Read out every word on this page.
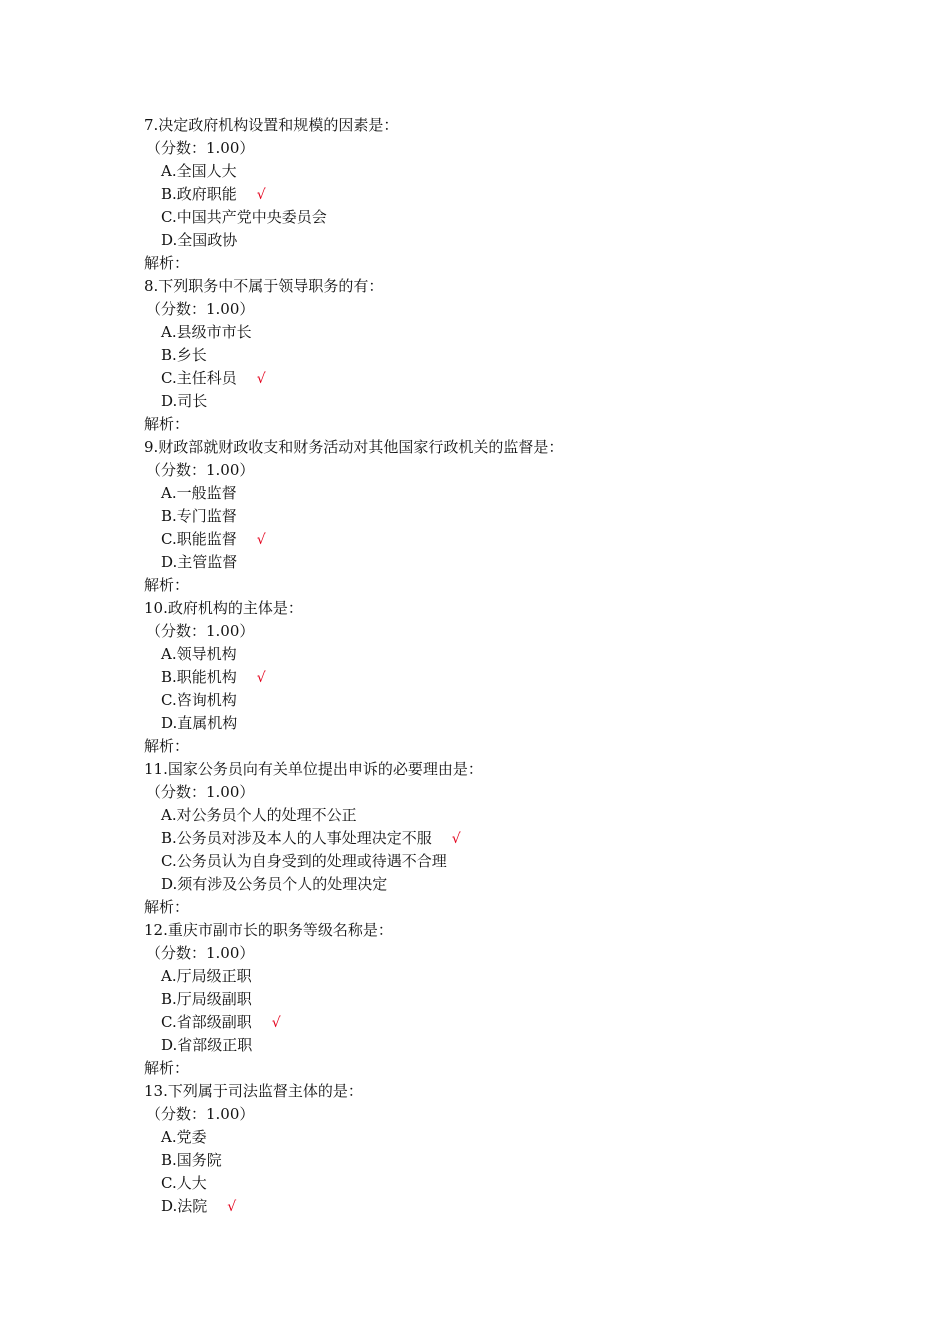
7.决定政府机构设置和规模的因素是：
（分数：1.00）
A.全国人大
B.政府职能 √
C.中国共产党中央委员会
D.全国政协
解析：
8.下列职务中不属于领导职务的有：
（分数：1.00）
A.县级市市长
B.乡长
C.主任科员 √
D.司长
解析：
9.财政部就财政收支和财务活动对其他国家行政机关的监督是：
（分数：1.00）
A.一般监督
B.专门监督
C.职能监督 √
D.主管监督
解析：
10.政府机构的主体是：
（分数：1.00）
A.领导机构
B.职能机构 √
C.咨询机构
D.直属机构
解析：
11.国家公务员向有关单位提出申诉的必要理由是：
（分数：1.00）
A.对公务员个人的处理不公正
B.公务员对涉及本人的人事处理决定不服 √
C.公务员认为自身受到的处理或待遇不合理
D.须有涉及公务员个人的处理决定
解析：
12.重庆市副市长的职务等级名称是：
（分数：1.00）
A.厅局级正职
B.厅局级副职
C.省部级副职 √
D.省部级正职
解析：
13.下列属于司法监督主体的是：
（分数：1.00）
A.党委
B.国务院
C.人大
D.法院 √
